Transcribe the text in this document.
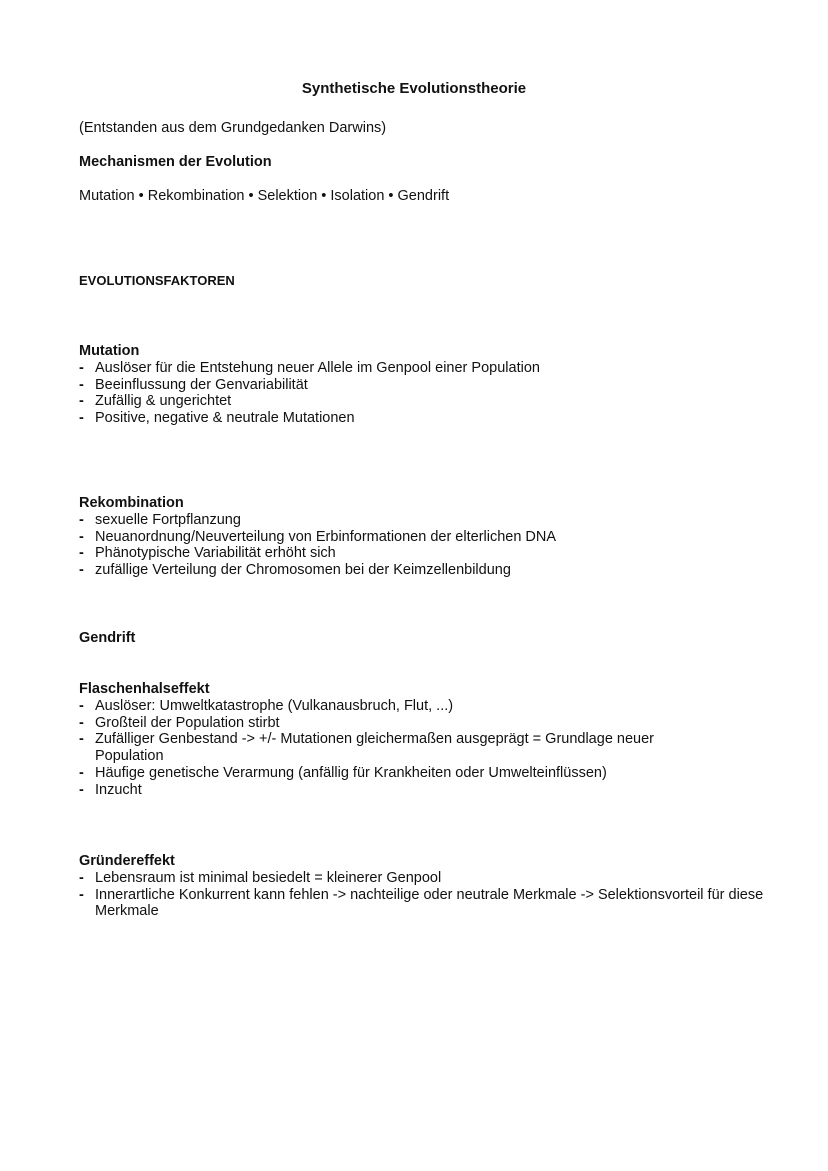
Synthetische Evolutionstheorie

(Entstanden aus dem Grundgedanken Darwins)

Mechanismen der Evolution

Mutation • Rekombination • Selektion • Isolation • Gendrift

EVOLUTIONSFAKTOREN

Mutation

- Auslöser für die Entstehung neuer Allele im Genpool einer Population
- Beeinflussung der Genvariabilität
- Zufällig & ungerichtet
- Positive, negative & neutrale Mutationen

Rekombination

- sexuelle Fortpflanzung
- Neuanordnung/Neuverteilung von Erbinformationen der elterlichen DNA
- Phänotypische Variabilität erhöht sich
- zufällige Verteilung der Chromosomen bei der Keimzellenbildung

Gendrift

Flaschenhalseffekt

- Auslöser: Umweltkatastrophe (Vulkanausbruch, Flut, ...)
- Großteil der Population stirbt
- Zufälliger Genbestand -> +/- Mutationen gleichermaßen ausgeprägt = Grundlage neuer Population
- Häufige genetische Verarmung (anfällig für Krankheiten oder Umwelteinflüssen)
- Inzucht

Gründereffekt

- Lebensraum ist minimal besiedelt = kleinerer Genpool
- Innerartliche Konkurrent kann fehlen -> nachteilige oder neutrale Merkmale -> Selektionsvorteil für diese Merkmale
